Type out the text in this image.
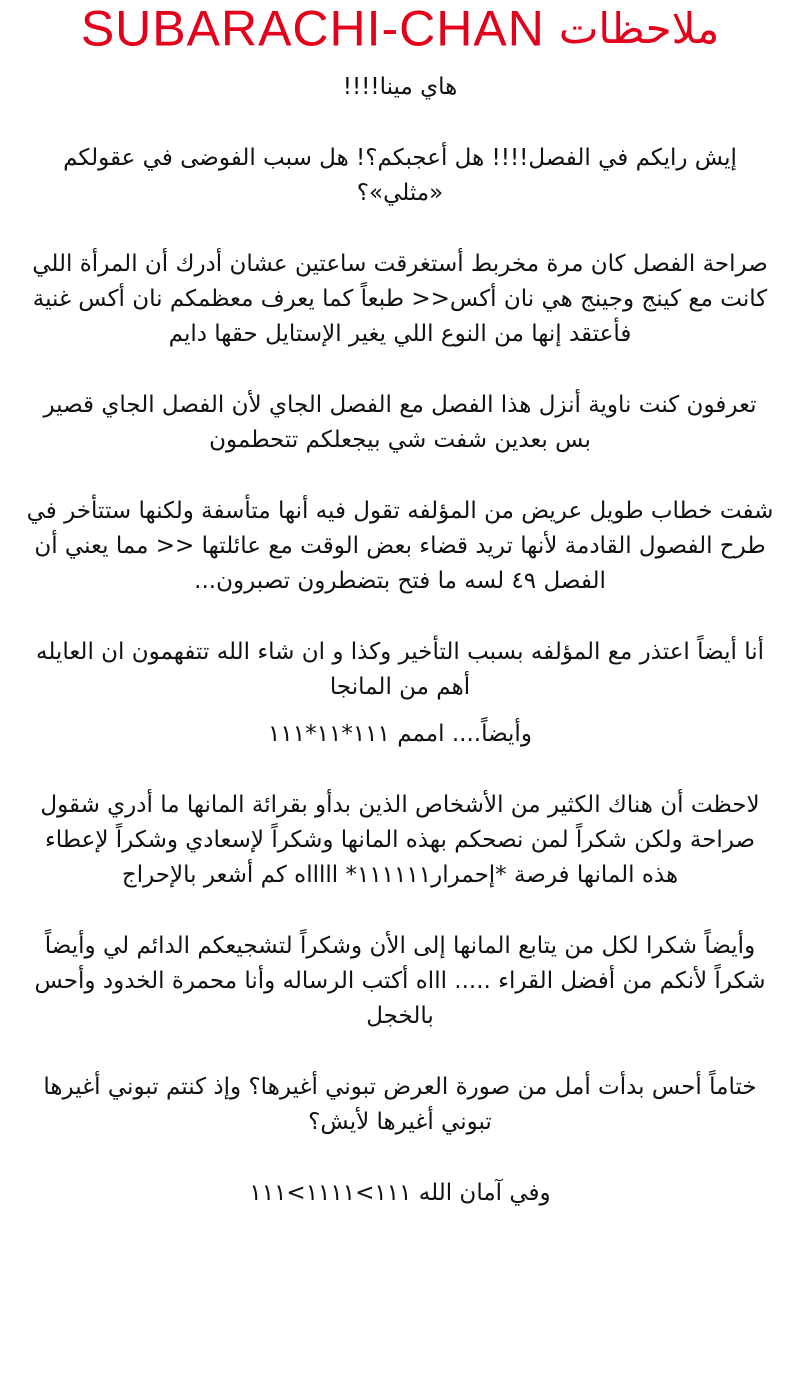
SUBARACHI-CHAN ملاحظات

هاي مينا!!!!

إيش رايكم في الفصل!!!! هل أعجبكم؟! هل سبب الفوضى في عقولكم «مثلي»؟

صراحة الفصل كان مرة مخربط أستغرقت ساعتين عشان أدرك أن المرأة اللي كانت مع كينج وجينج هي نان أكس<< طبعاً كما يعرف معظمكم نان أكس غنية فأعتقد إنها من النوع اللي يغير الإستايل حقها دايم

تعرفون كنت ناوية أنزل هذا الفصل مع الفصل الجاي لأن الفصل الجاي قصير بس بعدين شفت شي بيجعلكم تتحطمون

شفت خطاب طويل عريض من المؤلفه تقول فيه أنها متأسفة ولكنها ستتأخر في طرح الفصول القادمة لأنها تريد قضاء بعض الوقت مع عائلتها << مما يعني أن الفصل ٤٩ لسه ما فتح بتضطرون تصبرون...

أنا أيضاً اعتذر مع المؤلفه بسبب التأخير وكذا و ان شاء الله تتفهمون ان العايله أهم من المانجا

وأيضاً.... اممم ١١١*١١*١١١

لاحظت أن هناك الكثير من الأشخاص الذين بدأو بقرائة المانها ما أدري شقول صراحة ولكن شكراً لمن نصحكم بهذه المانها وشكراً لإسعادي وشكراً لإعطاء هذه المانها فرصة *إحمرار١١١١١١* اااااه كم أشعر بالإحراج

وأيضاً شكرا لكل من يتابع المانها إلى الأن وشكراً لتشجيعكم الدائم لي وأيضاً شكراً لأنكم من أفضل القراء ..... اااه أكتب الرساله وأنا محمرة الخدود وأحس بالخجل

ختاماً أحس بدأت أمل من صورة العرض تبوني أغيرها؟ وإذ كنتم تبوني أغيرها تبوني أغيرها لأيش؟

وفي آمان الله ١١١>١١١١>١١١
